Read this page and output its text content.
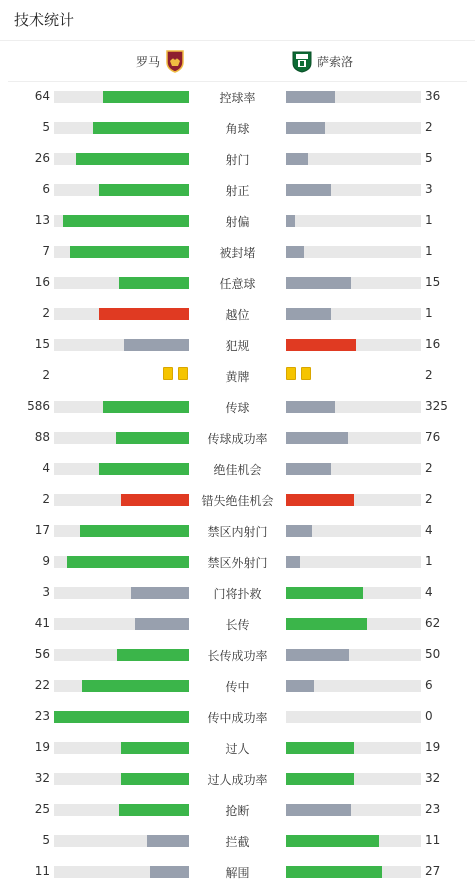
技术统计
罗马	萨索洛
64	控球率	36
5	角球	2
26	射门	5
6	射正	3
13	射偏	1
7	被封堵	1
16	任意球	15
2	越位	1
15	犯规	16
2	黄牌	2
586	传球	325
88	传球成功率	76
4	绝佳机会	2
2	错失绝佳机会	2
17	禁区内射门	4
9	禁区外射门	1
3	门将扑救	4
41	长传	62
56	长传成功率	50
22	传中	6
23	传中成功率	0
19	过人	19
32	过人成功率	32
25	抢断	23
5	拦截	11
11	解围	27
